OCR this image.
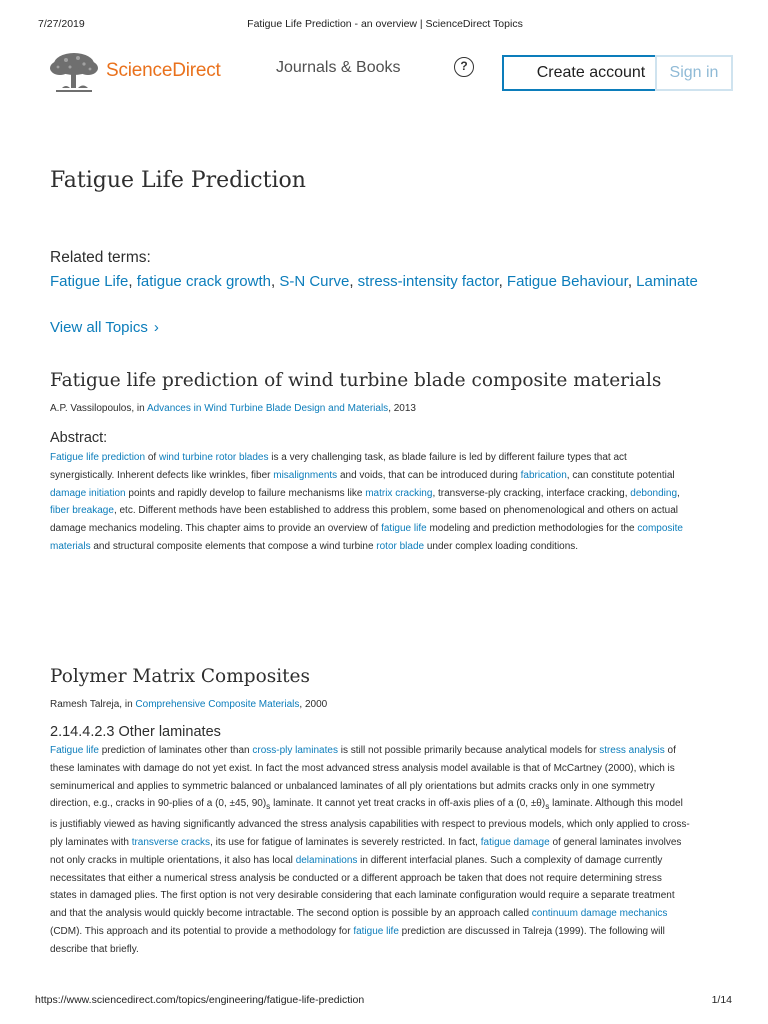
7/27/2019	Fatigue Life Prediction - an overview | ScienceDirect Topics
ScienceDirect	Journals & Books	?	Create account	Sign in
Fatigue Life Prediction
Related terms:
Fatigue Life, fatigue crack growth, S-N Curve, stress-intensity factor, Fatigue Behaviour, Laminate
View all Topics ›
Fatigue life prediction of wind turbine blade composite materials
A.P. Vassilopoulos, in Advances in Wind Turbine Blade Design and Materials, 2013
Abstract:

Fatigue life prediction of wind turbine rotor blades is a very challenging task, as blade failure is led by different failure types that act synergistically. Inherent defects like wrinkles, fiber misalignments and voids, that can be introduced during fabrication, can constitute potential damage initiation points and rapidly develop to failure mechanisms like matrix cracking, transverse-ply cracking, interface cracking, debonding, fiber breakage, etc. Different methods have been established to address this problem, some based on phenomenological and others on actual damage mechanics modeling. This chapter aims to provide an overview of fatigue life modeling and prediction methodologies for the composite materials and structural composite elements that compose a wind turbine rotor blade under complex loading conditions.

Polymer Matrix Composites
Ramesh Talreja, in Comprehensive Composite Materials, 2000
2.14.4.2.3 Other laminates

Fatigue life prediction of laminates other than cross-ply laminates is still not possible primarily because analytical models for stress analysis of these laminates with damage do not yet exist. In fact the most advanced stress analysis model available is that of McCartney (2000), which is seminumerical and applies to symmetric balanced or unbalanced laminates of all ply orientations but admits cracks only in one symmetry direction, e.g., cracks in 90-plies of a (0, ±45, $90)_s$ laminate. It cannot yet treat cracks in off-axis plies of a (0, $\pm\theta)_s$ laminate. Although this model is justifiably viewed as having significantly advanced the stress analysis capabilities with respect to previous models, which only applied to cross-ply laminates with transverse cracks, its use for fatigue of laminates is severely restricted. In fact, fatigue damage of general laminates involves not only cracks in multiple orientations, it also has local delaminations in different interfacial planes. Such a complexity of damage currently necessitates that either a numerical stress analysis be conducted or a different approach be taken that does not require determining stress states in damaged plies. The first option is not very desirable considering that each laminate configuration would require a separate treatment and that the analysis would quickly become intractable. The second option is possible by an approach called continuum damage mechanics (CDM). This approach and its potential to provide a methodology for fatigue life prediction are discussed in Talreja (1999). The following will describe that briefly.

https://www.sciencedirect.com/topics/engineering/fatigue-life-prediction	1/14
